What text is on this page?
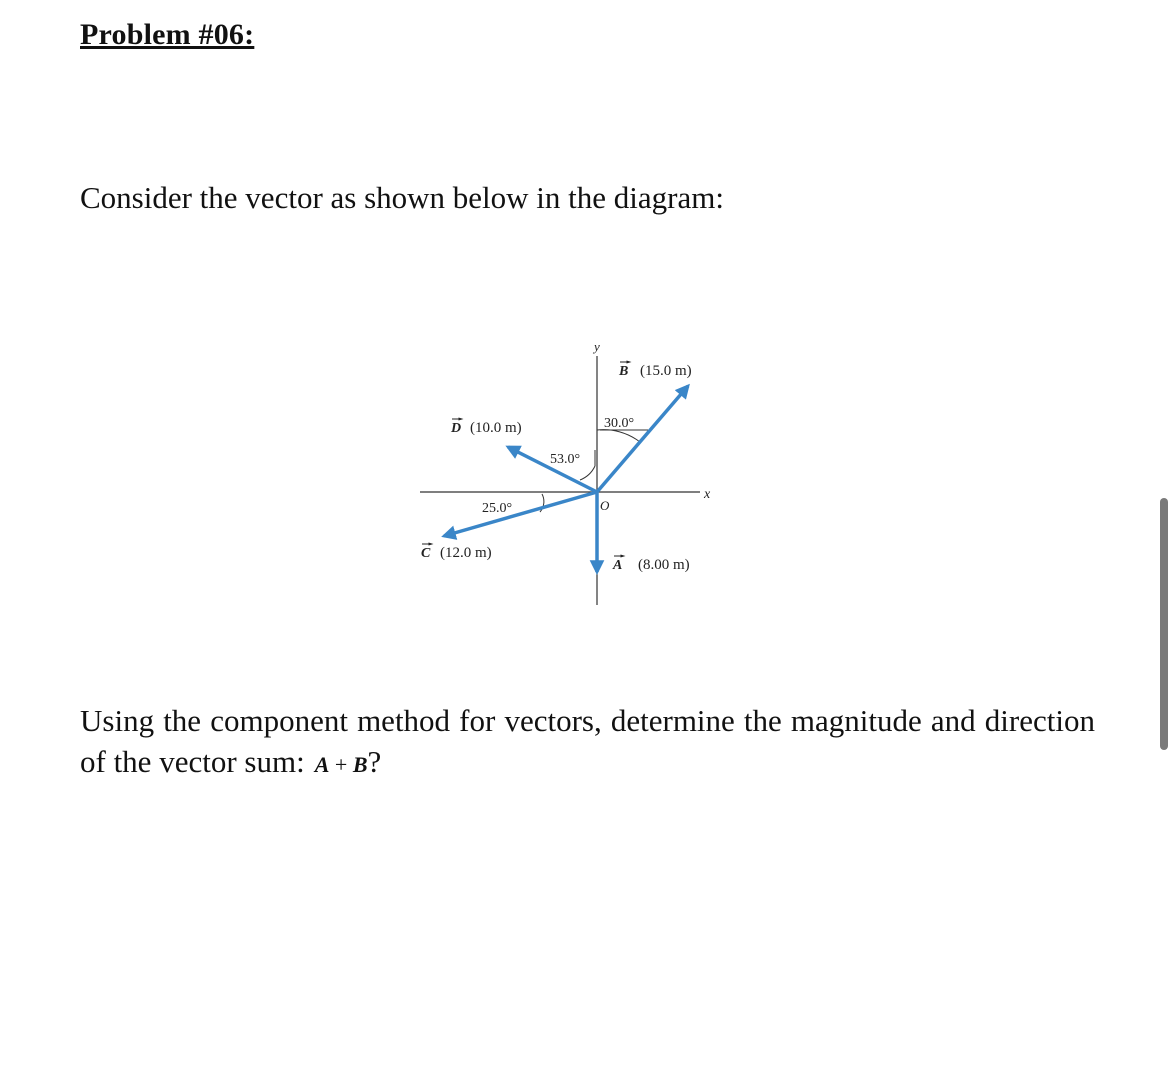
Problem #06:
Consider the vector as shown below in the diagram:
y
x
O
B (15.0 m)
30.0°
D (10.0 m)
53.0°
25.0°
C (12.0 m)
A (8.00 m)
Using the component method for vectors, determine the magnitude and direction of the vector sum: A + B?
